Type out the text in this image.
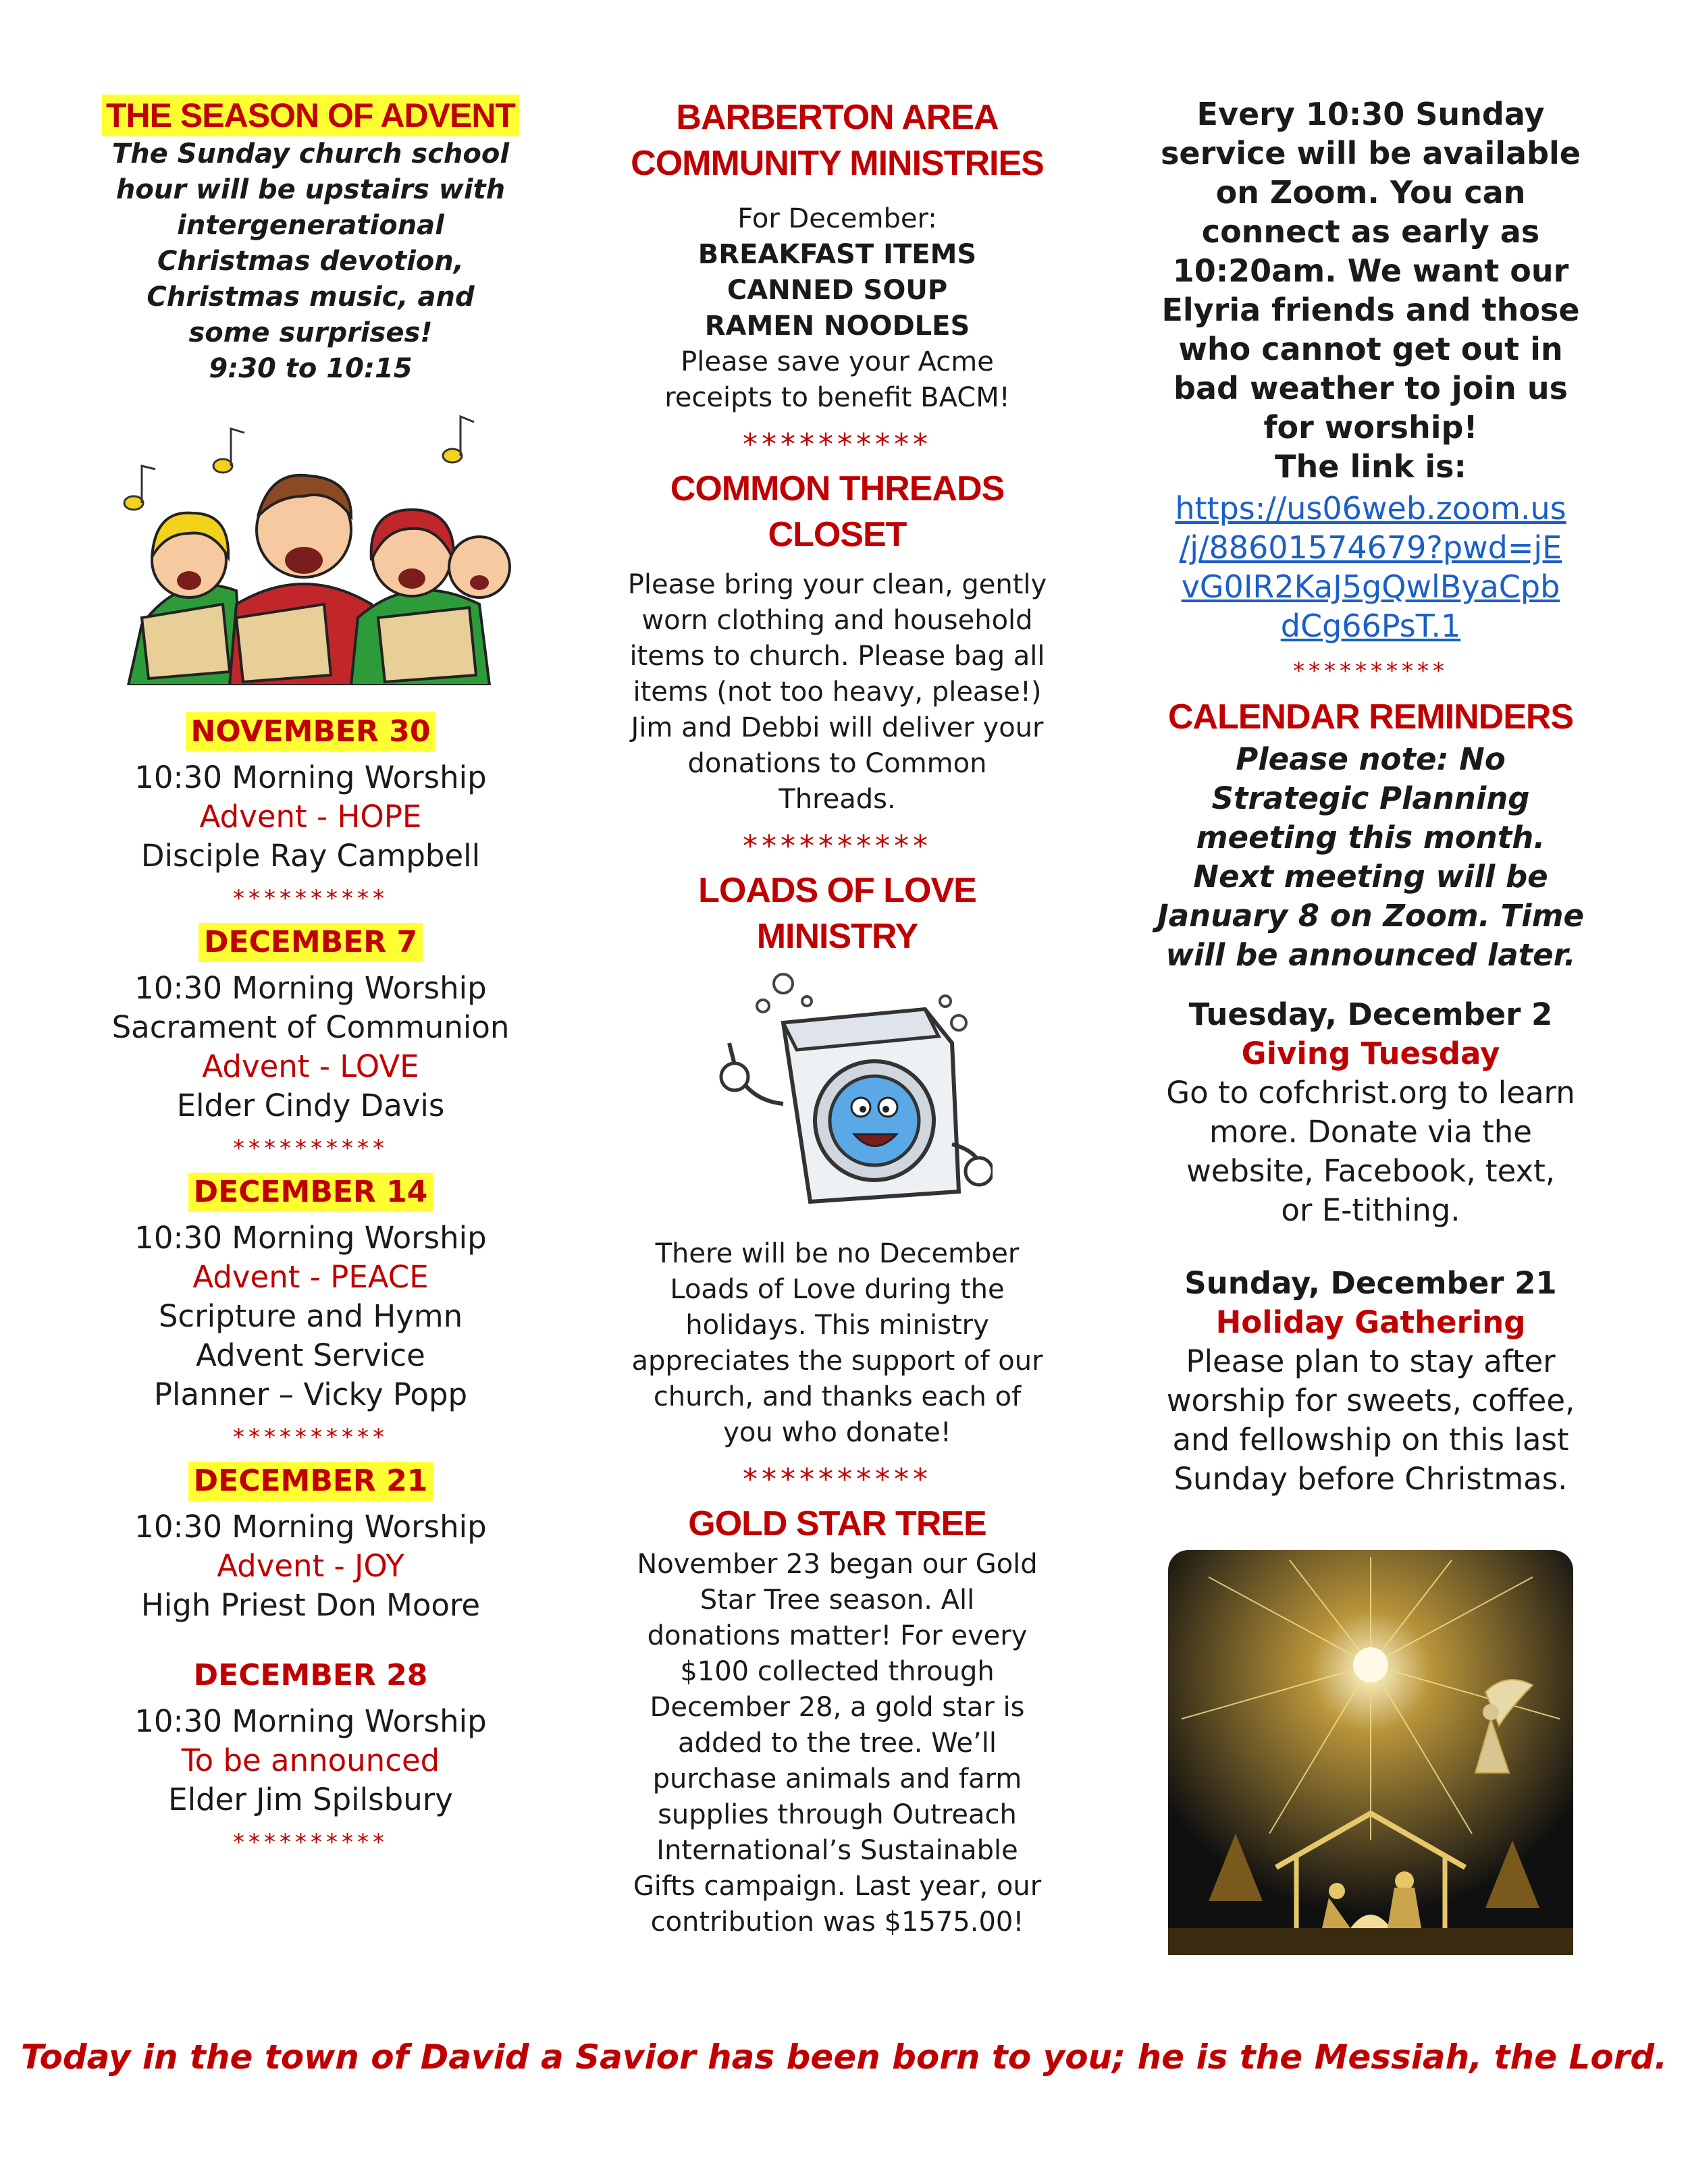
THE SEASON OF ADVENT

The Sunday church school

hour will be upstairs with

intergenerational

Christmas devotion,

Christmas music, and

some surprises!

9:30 to 10:15

NOVEMBER 30

10:30 Morning Worship

Advent - HOPE

Disciple Ray Campbell

**********

DECEMBER 7

10:30 Morning Worship

Sacrament of Communion

Advent - LOVE

Elder Cindy Davis

**********

DECEMBER 14

10:30 Morning Worship

Advent - PEACE

Scripture and Hymn

Advent Service

Planner – Vicky Popp

**********

DECEMBER 21

10:30 Morning Worship

Advent - JOY

High Priest Don Moore

DECEMBER 28

10:30 Morning Worship

To be announced

Elder Jim Spilsbury

**********

BARBERTON AREA

COMMUNITY MINISTRIES

For December:

BREAKFAST ITEMS

CANNED SOUP

RAMEN NOODLES

Please save your Acme

receipts to benefit BACM!

**********

COMMON THREADS

CLOSET

Please bring your clean, gently

worn clothing and household

items to church. Please bag all

items (not too heavy, please!)

Jim and Debbi will deliver your

donations to Common

Threads.

**********

LOADS OF LOVE

MINISTRY

There will be no December

Loads of Love during the

holidays. This ministry

appreciates the support of our

church, and thanks each of

you who donate!

**********

GOLD STAR TREE

November 23 began our Gold

Star Tree season. All

donations matter! For every

$100 collected through

December 28, a gold star is

added to the tree. We’ll

purchase animals and farm

supplies through Outreach

International’s Sustainable

Gifts campaign. Last year, our

contribution was $1575.00!

Every 10:30 Sunday

service will be available

on Zoom. You can

connect as early as

10:20am. We want our

Elyria friends and those

who cannot get out in

bad weather to join us

for worship!

The link is:

https://us06web.zoom.us

/j/88601574679?pwd=jE

vG0IR2KaJ5gQwlByaCpb

dCg66PsT.1

**********

CALENDAR REMINDERS

Please note: No

Strategic Planning

meeting this month.

Next meeting will be

January 8 on Zoom. Time

will be announced later.

Tuesday, December 2

Giving Tuesday

Go to cofchrist.org to learn

more. Donate via the

website, Facebook, text,

or E-tithing.

Sunday, December 21

Holiday Gathering

Please plan to stay after

worship for sweets, coffee,

and fellowship on this last

Sunday before Christmas.

Today in the town of David a Savior has been born to you; he is the Messiah, the Lord.
